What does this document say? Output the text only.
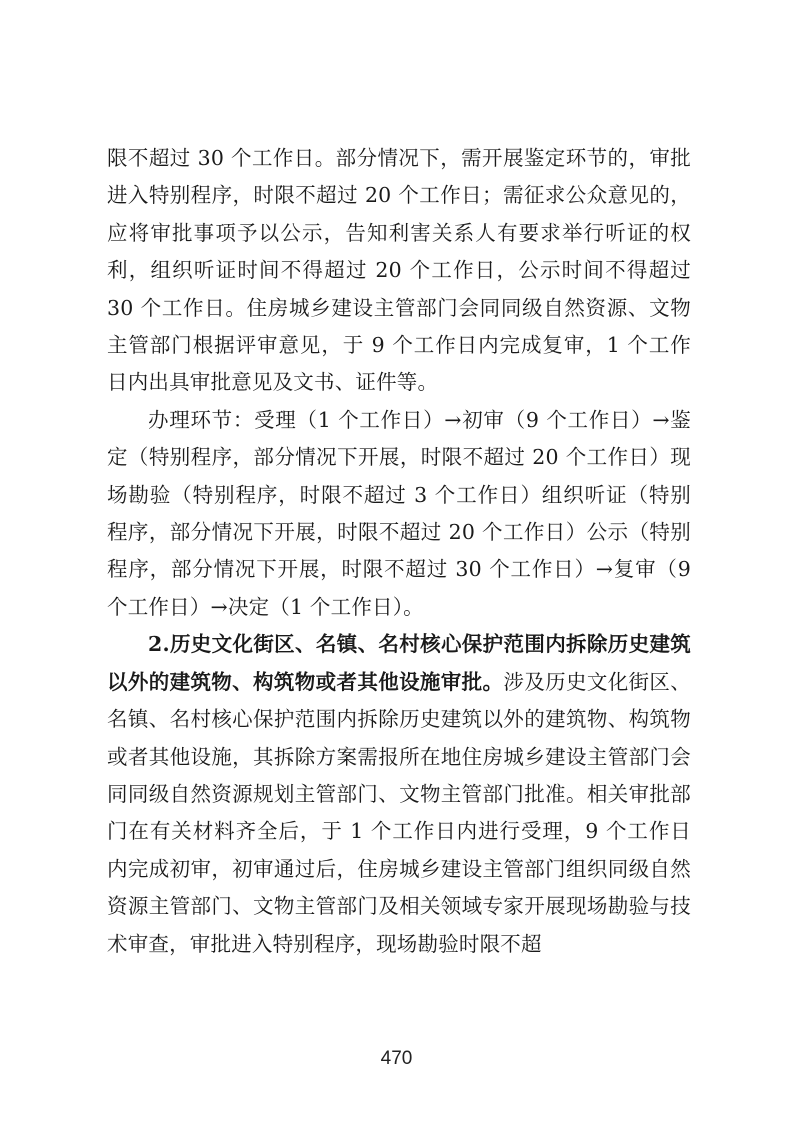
限不超过 30 个工作日。部分情况下，需开展鉴定环节的，审批进入特别程序，时限不超过 20 个工作日；需征求公众意见的，应将审批事项予以公示，告知利害关系人有要求举行听证的权利，组织听证时间不得超过 20 个工作日，公示时间不得超过 30 个工作日。住房城乡建设主管部门会同同级自然资源、文物主管部门根据评审意见，于 9 个工作日内完成复审，1 个工作日内出具审批意见及文书、证件等。

办理环节：受理（1 个工作日）→初审（9 个工作日）→鉴定（特别程序，部分情况下开展，时限不超过 20 个工作日）现场勘验（特别程序，时限不超过 3 个工作日）组织听证（特别程序，部分情况下开展，时限不超过 20 个工作日）公示（特别程序，部分情况下开展，时限不超过 30 个工作日）→复审（9 个工作日）→决定（1 个工作日）。

2.历史文化街区、名镇、名村核心保护范围内拆除历史建筑以外的建筑物、构筑物或者其他设施审批。涉及历史文化街区、名镇、名村核心保护范围内拆除历史建筑以外的建筑物、构筑物或者其他设施，其拆除方案需报所在地住房城乡建设主管部门会同同级自然资源规划主管部门、文物主管部门批准。相关审批部门在有关材料齐全后，于 1 个工作日内进行受理，9 个工作日内完成初审，初审通过后，住房城乡建设主管部门组织同级自然资源主管部门、文物主管部门及相关领域专家开展现场勘验与技术审查，审批进入特别程序，现场勘验时限不超

470
